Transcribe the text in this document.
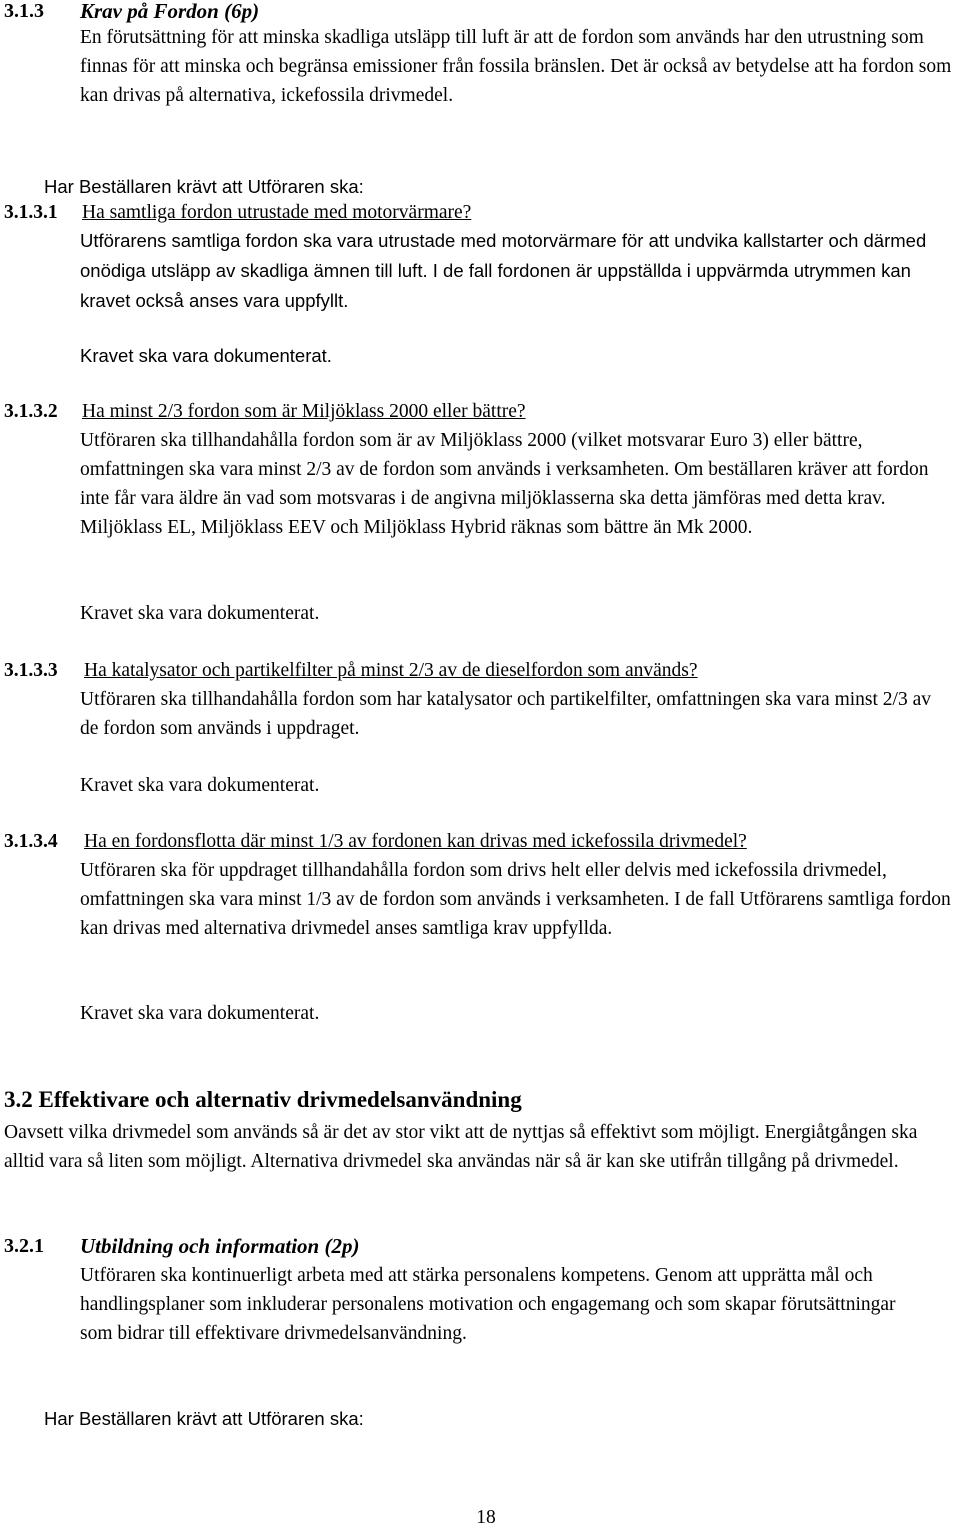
3.1.3 Krav på Fordon (6p)

En förutsättning för att minska skadliga utsläpp till luft är att de fordon som används har den utrustning som finnas för att minska och begränsa emissioner från fossila bränslen. Det är också av betydelse att ha fordon som kan drivas på alternativa, ickefossila drivmedel.

Har Beställaren krävt att Utföraren ska:

3.1.3.1 Ha samtliga fordon utrustade med motorvärmare?

Utförarens samtliga fordon ska vara utrustade med motorvärmare för att undvika kallstarter och därmed onödiga utsläpp av skadliga ämnen till luft. I de fall fordonen är uppställda i uppvärmda utrymmen kan kravet också anses vara uppfyllt.

Kravet ska vara dokumenterat.

3.1.3.2 Ha minst 2/3 fordon som är Miljöklass 2000 eller bättre?

Utföraren ska tillhandahålla fordon som är av Miljöklass 2000 (vilket motsvarar Euro 3) eller bättre, omfattningen ska vara minst 2/3 av de fordon som används i verksamheten. Om beställaren kräver att fordon inte får vara äldre än vad som motsvaras i de angivna miljöklasserna ska detta jämföras med detta krav. Miljöklass EL, Miljöklass EEV och Miljöklass Hybrid räknas som bättre än Mk 2000.

Kravet ska vara dokumenterat.

3.1.3.3 Ha katalysator och partikelfilter på minst 2/3 av de dieselfordon som används?

Utföraren ska tillhandahålla fordon som har katalysator och partikelfilter, omfattningen ska vara minst 2/3 av de fordon som används i uppdraget.

Kravet ska vara dokumenterat.

3.1.3.4 Ha en fordonsflotta där minst 1/3 av fordonen kan drivas med ickefossila drivmedel?

Utföraren ska för uppdraget tillhandahålla fordon som drivs helt eller delvis med ickefossila drivmedel, omfattningen ska vara minst 1/3 av de fordon som används i verksamheten. I de fall Utförarens samtliga fordon kan drivas med alternativa drivmedel anses samtliga krav uppfyllda.

Kravet ska vara dokumenterat.

3.2 Effektivare och alternativ drivmedelsanvändning

Oavsett vilka drivmedel som används så är det av stor vikt att de nyttjas så effektivt som möjligt. Energiåtgången ska alltid vara så liten som möjligt. Alternativa drivmedel ska användas när så är kan ske utifrån tillgång på drivmedel.

3.2.1 Utbildning och information (2p)

Utföraren ska kontinuerligt arbeta med att stärka personalens kompetens. Genom att upprätta mål och handlingsplaner som inkluderar personalens motivation och engagemang och som skapar förutsättningar som bidrar till effektivare drivmedelsanvändning.

Har Beställaren krävt att Utföraren ska:

18
